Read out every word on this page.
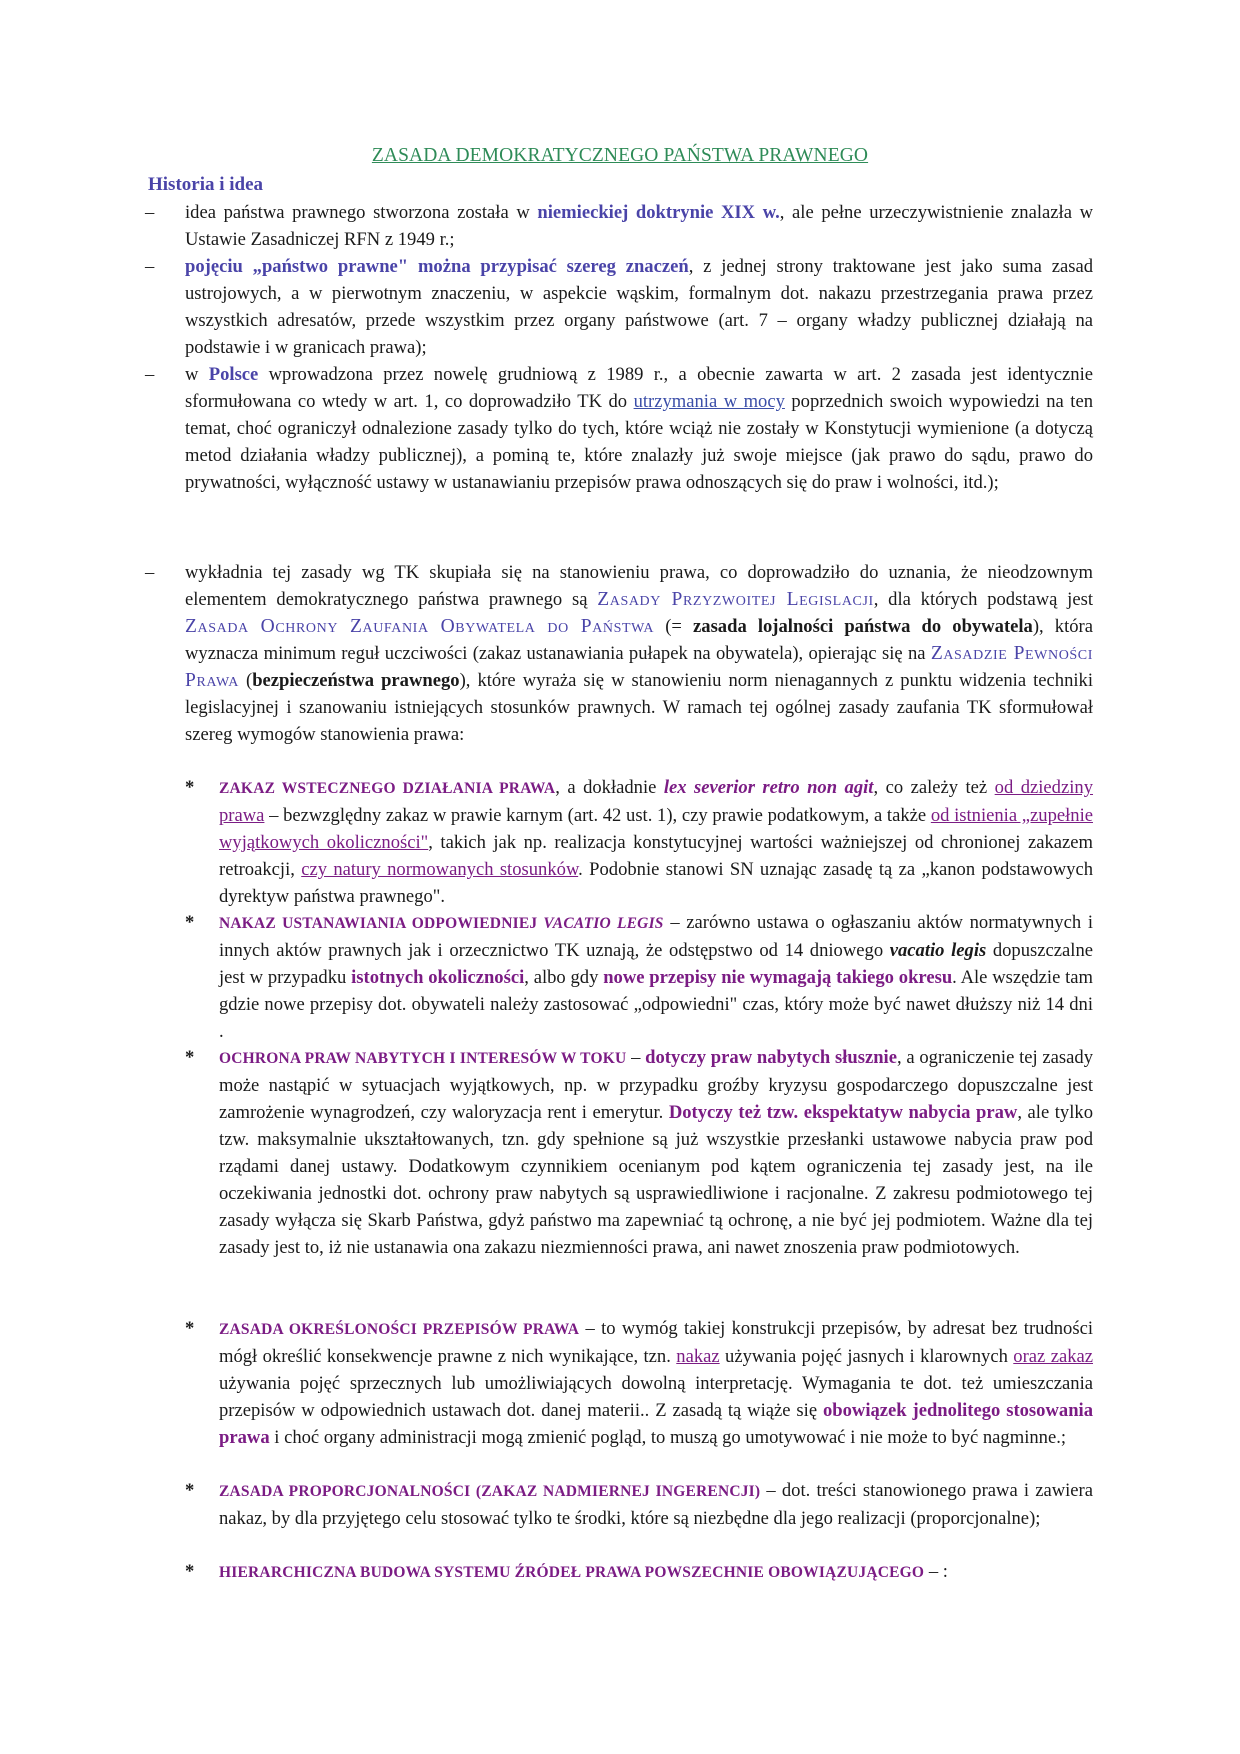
ZASADA DEMOKRATYCZNEGO PAŃSTWA PRAWNEGO
Historia i idea
– idea państwa prawnego stworzona została w niemieckiej doktrynie XIX w., ale pełne urzeczywistnienie znalazła w Ustawie Zasadniczej RFN z 1949 r.;
– pojęciu „państwo prawne" można przypisać szereg znaczeń, z jednej strony traktowane jest jako suma zasad ustrojowych, a w pierwotnym znaczeniu, w aspekcie wąskim, formalnym dot. nakazu przestrzegania prawa przez wszystkich adresatów, przede wszystkim przez organy państwowe (art. 7 – organy władzy publicznej działają na podstawie i w granicach prawa);
– w Polsce wprowadzona przez nowelę grudniową z 1989 r., a obecnie zawarta w art. 2 zasada jest identycznie sformułowana co wtedy w art. 1, co doprowadziło TK do utrzymania w mocy poprzednich swoich wypowiedzi na ten temat, choć ograniczył odnalezione zasady tylko do tych, które wciąż nie zostały w Konstytucji wymienione (a dotyczą metod działania władzy publicznej), a pominą te, które znalazły już swoje miejsce (jak prawo do sądu, prawo do prywatności, wyłączność ustawy w ustanawianiu przepisów prawa odnoszących się do praw i wolności, itd.);
– wykładnia tej zasady wg TK skupiała się na stanowieniu prawa, co doprowadziło do uznania, że nieodzownym elementem demokratycznego państwa prawnego są Zasady Przyzwoitej Legislacji, dla których podstawą jest Zasada Ochrony Zaufania Obywatela do Państwa (= zasada lojalności państwa do obywatela), która wyznacza minimum reguł uczciwości (zakaz ustanawiania pułapek na obywatela), opierając się na Zasadzie Pewności Prawa (bezpieczeństwa prawnego), które wyraża się w stanowieniu norm nienagannych z punktu widzenia techniki legislacyjnej i szanowaniu istniejących stosunków prawnych. W ramach tej ogólnej zasady zaufania TK sformułował szereg wymogów stanowienia prawa:
* ZAKAZ WSTECZNEGO DZIAŁANIA PRAWA, a dokładnie lex severior retro non agit, co zależy też od dziedziny prawa – bezwzględny zakaz w prawie karnym (art. 42 ust. 1), czy prawie podatkowym, a także od istnienia „zupełnie wyjątkowych okoliczności", takich jak np. realizacja konstytucyjnej wartości ważniejszej od chronionej zakazem retroakcji, czy natury normowanych stosunków. Podobnie stanowi SN uznając zasadę tą za „kanon podstawowych dyrektyw państwa prawnego".
* NAKAZ USTANAWIANIA ODPOWIEDNIEJ VACATIO LEGIS – zarówno ustawa o ogłaszaniu aktów normatywnych i innych aktów prawnych jak i orzecznictwo TK uznają, że odstępstwo od 14 dniowego vacatio legis dopuszczalne jest w przypadku istotnych okoliczności, albo gdy nowe przepisy nie wymagają takiego okresu. Ale wszędzie tam gdzie nowe przepisy dot. obywateli należy zastosować „odpowiedni" czas, który może być nawet dłuższy niż 14 dni .
* OCHRONA PRAW NABYTYCH I INTERESÓW W TOKU – dotyczy praw nabytych słusznie, a ograniczenie tej zasady może nastąpić w sytuacjach wyjątkowych, np. w przypadku groźby kryzysu gospodarczego dopuszczalne jest zamrożenie wynagrodzeń, czy waloryzacja rent i emerytur. Dotyczy też tzw. ekspektatyw nabycia praw, ale tylko tzw. maksymalnie ukształtowanych, tzn. gdy spełnione są już wszystkie przesłanki ustawowe nabycia praw pod rządami danej ustawy. Dodatkowym czynnikiem ocenianym pod kątem ograniczenia tej zasady jest, na ile oczekiwania jednostki dot. ochrony praw nabytych są usprawiedliwione i racjonalne. Z zakresu podmiotowego tej zasady wyłącza się Skarb Państwa, gdyż państwo ma zapewniać tą ochronę, a nie być jej podmiotem. Ważne dla tej zasady jest to, iż nie ustanawia ona zakazu niezmienności prawa, ani nawet znoszenia praw podmiotowych.
* ZASADA OKREŚLONOŚCI PRZEPISÓW PRAWA – to wymóg takiej konstrukcji przepisów, by adresat bez trudności mógł określić konsekwencje prawne z nich wynikające, tzn. nakaz używania pojęć jasnych i klarownych oraz zakaz używania pojęć sprzecznych lub umożliwiających dowolną interpretację. Wymagania te dot. też umieszczania przepisów w odpowiednich ustawach dot. danej materii.. Z zasadą tą wiąże się obowiązek jednolitego stosowania prawa i choć organy administracji mogą zmienić pogląd, to muszą go umotywować i nie może to być nagminne.;
* ZASADA PROPORCJONALNOŚCI (ZAKAZ NADMIERNEJ INGERENCJI) – dot. treści stanowionego prawa i zawiera nakaz, by dla przyjętego celu stosować tylko te środki, które są niezbędne dla jego realizacji (proporcjonalne);
* HIERARCHICZNA BUDOWA SYSTEMU ŹRÓDEŁ PRAWA POWSZECHNIE OBOWIĄZUJĄCEGO – :
